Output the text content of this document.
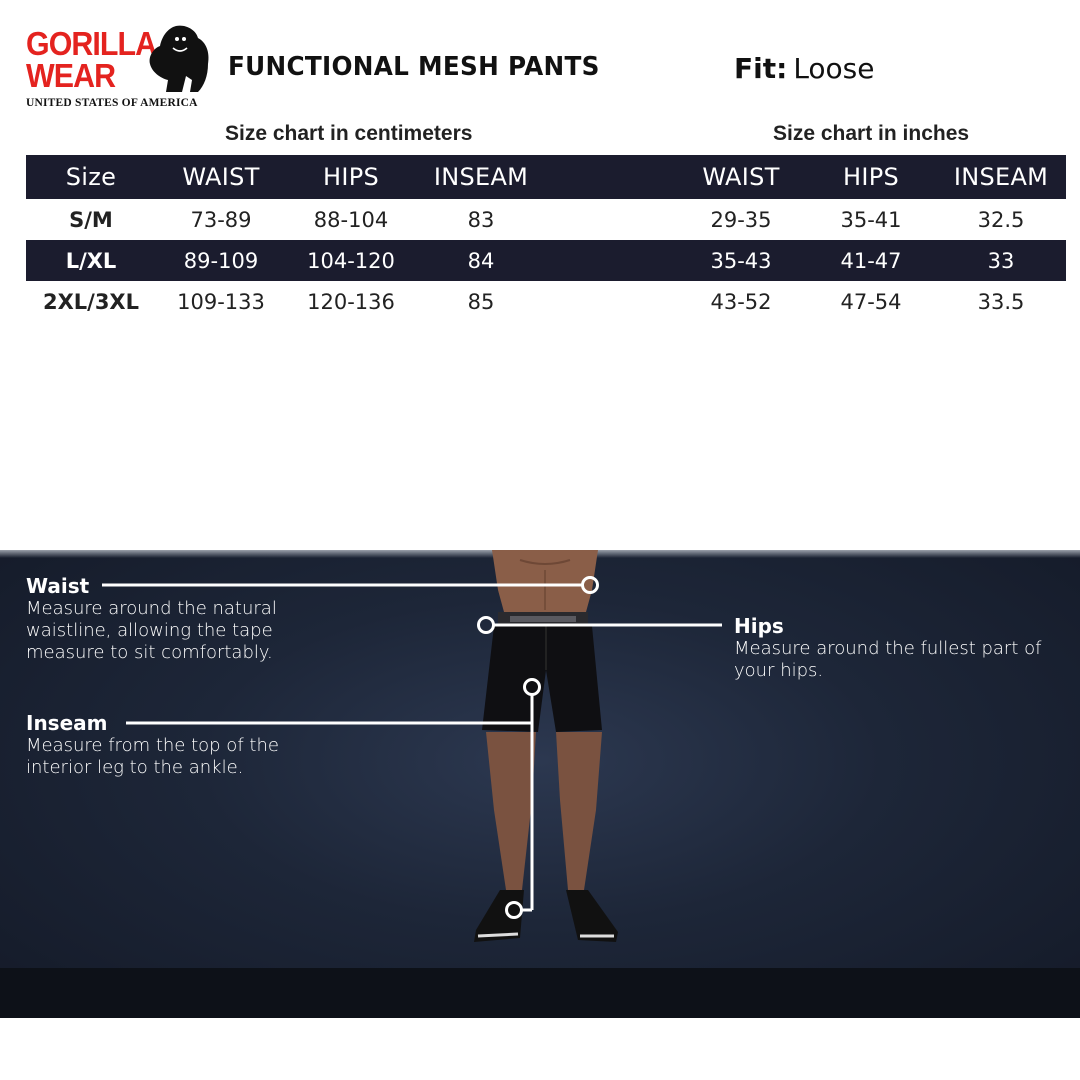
GORILLA
WEAR
UNITED STATES OF AMERICA
FUNCTIONAL MESH PANTS	Fit: Loose
Size chart in centimeters	Size chart in inches
Size	WAIST	HIPS	INSEAM	WAIST	HIPS	INSEAM
S/M	73-89	88-104	83	29-35	35-41	32.5
L/XL	89-109	104-120	84	35-43	41-47	33
2XL/3XL	109-133	120-136	85	43-52	47-54	33.5
Waist
Measure around the natural waistline, allowing the tape measure to sit comfortably.
Hips
Measure around the fullest part of your hips.
Inseam
Measure from the top of the interior leg to the ankle.
